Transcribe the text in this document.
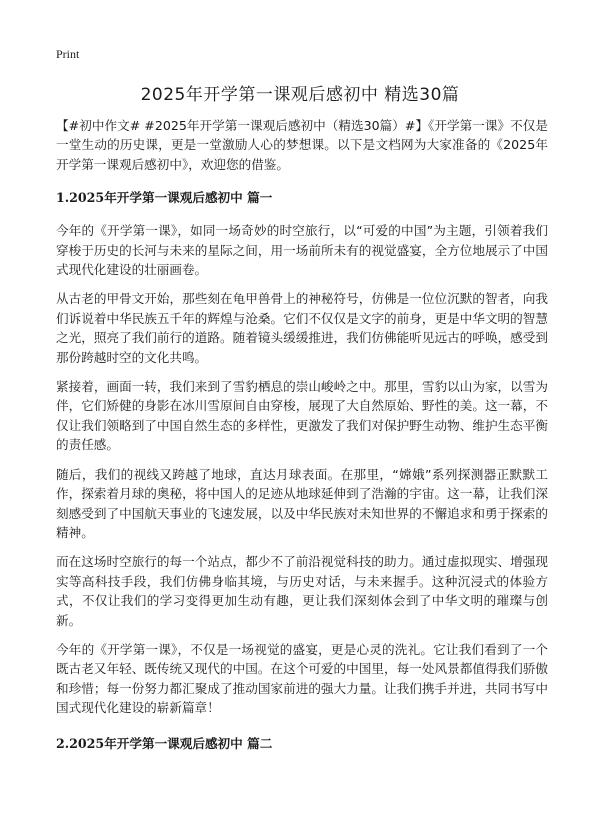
Print
2025年开学第一课观后感初中 精选30篇

【#初中作文# #2025年开学第一课观后感初中（精选30篇）#】《开学第一课》不仅是一堂生动的历史课，更是一堂激励人心的梦想课。以下是文档网为大家准备的《2025年开学第一课观后感初中》，欢迎您的借鉴。

1.2025年开学第一课观后感初中 篇一

今年的《开学第一课》，如同一场奇妙的时空旅行，以“可爱的中国”为主题，引领着我们穿梭于历史的长河与未来的星际之间，用一场前所未有的视觉盛宴，全方位地展示了中国式现代化建设的壮丽画卷。

从古老的甲骨文开始，那些刻在龟甲兽骨上的神秘符号，仿佛是一位位沉默的智者，向我们诉说着中华民族五千年的辉煌与沧桑。它们不仅仅是文字的前身，更是中华文明的智慧之光，照亮了我们前行的道路。随着镜头缓缓推进，我们仿佛能听见远古的呼唤，感受到那份跨越时空的文化共鸣。

紧接着，画面一转，我们来到了雪豹栖息的崇山峻岭之中。那里，雪豹以山为家，以雪为伴，它们矫健的身影在冰川雪原间自由穿梭，展现了大自然原始、野性的美。这一幕，不仅让我们领略到了中国自然生态的多样性，更激发了我们对保护野生动物、维护生态平衡的责任感。

随后，我们的视线又跨越了地球，直达月球表面。在那里，“嫦娥”系列探测器正默默工作，探索着月球的奥秘，将中国人的足迹从地球延伸到了浩瀚的宇宙。这一幕，让我们深刻感受到了中国航天事业的飞速发展，以及中华民族对未知世界的不懈追求和勇于探索的精神。

而在这场时空旅行的每一个站点，都少不了前沿视觉科技的助力。通过虚拟现实、增强现实等高科技手段，我们仿佛身临其境，与历史对话，与未来握手。这种沉浸式的体验方式，不仅让我们的学习变得更加生动有趣，更让我们深刻体会到了中华文明的璀璨与创新。

今年的《开学第一课》，不仅是一场视觉的盛宴，更是心灵的洗礼。它让我们看到了一个既古老又年轻、既传统又现代的中国。在这个可爱的中国里，每一处风景都值得我们骄傲和珍惜；每一份努力都汇聚成了推动国家前进的强大力量。让我们携手并进，共同书写中国式现代化建设的崭新篇章！

2.2025年开学第一课观后感初中 篇二
